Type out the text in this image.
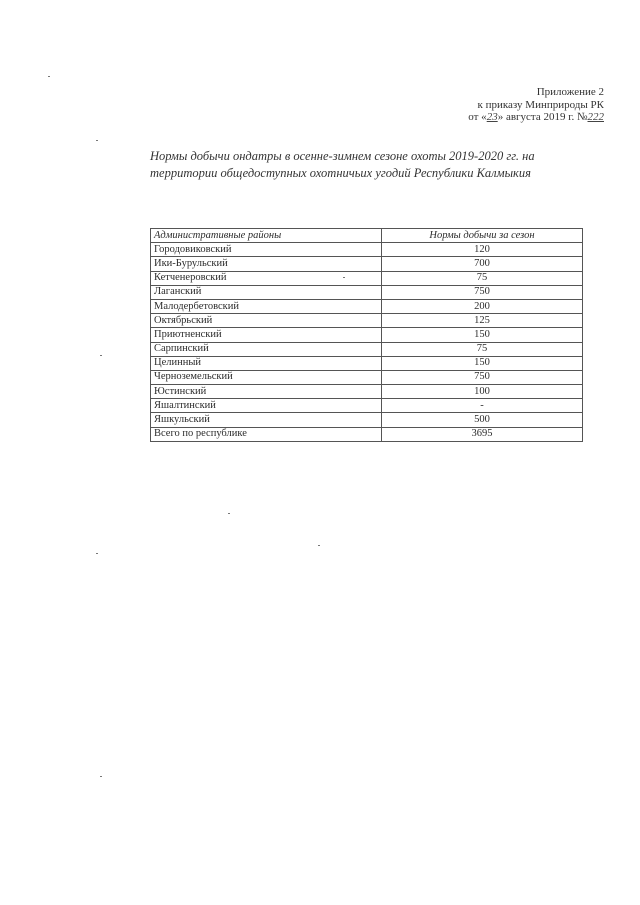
Приложение 2
к приказу Минприроды РК
от «23» августа 2019 г. №222
Нормы добычи ондатры в осенне-зимнем сезоне охоты 2019-2020 гг. на
территории общедоступных охотничьих угодий Республики Калмыкия
Административные районы	Нормы добычи за сезон
Городовиковский	120
Ики-Бурульский	700
Кетченеровский	75
Лаганский	750
Малодербетовский	200
Октябрьский	125
Приютненский	150
Сарпинский	75
Целинный	150
Черноземельский	750
Юстинский	100
Яшалтинский	-
Яшкульский	500
Всего по республике	3695
